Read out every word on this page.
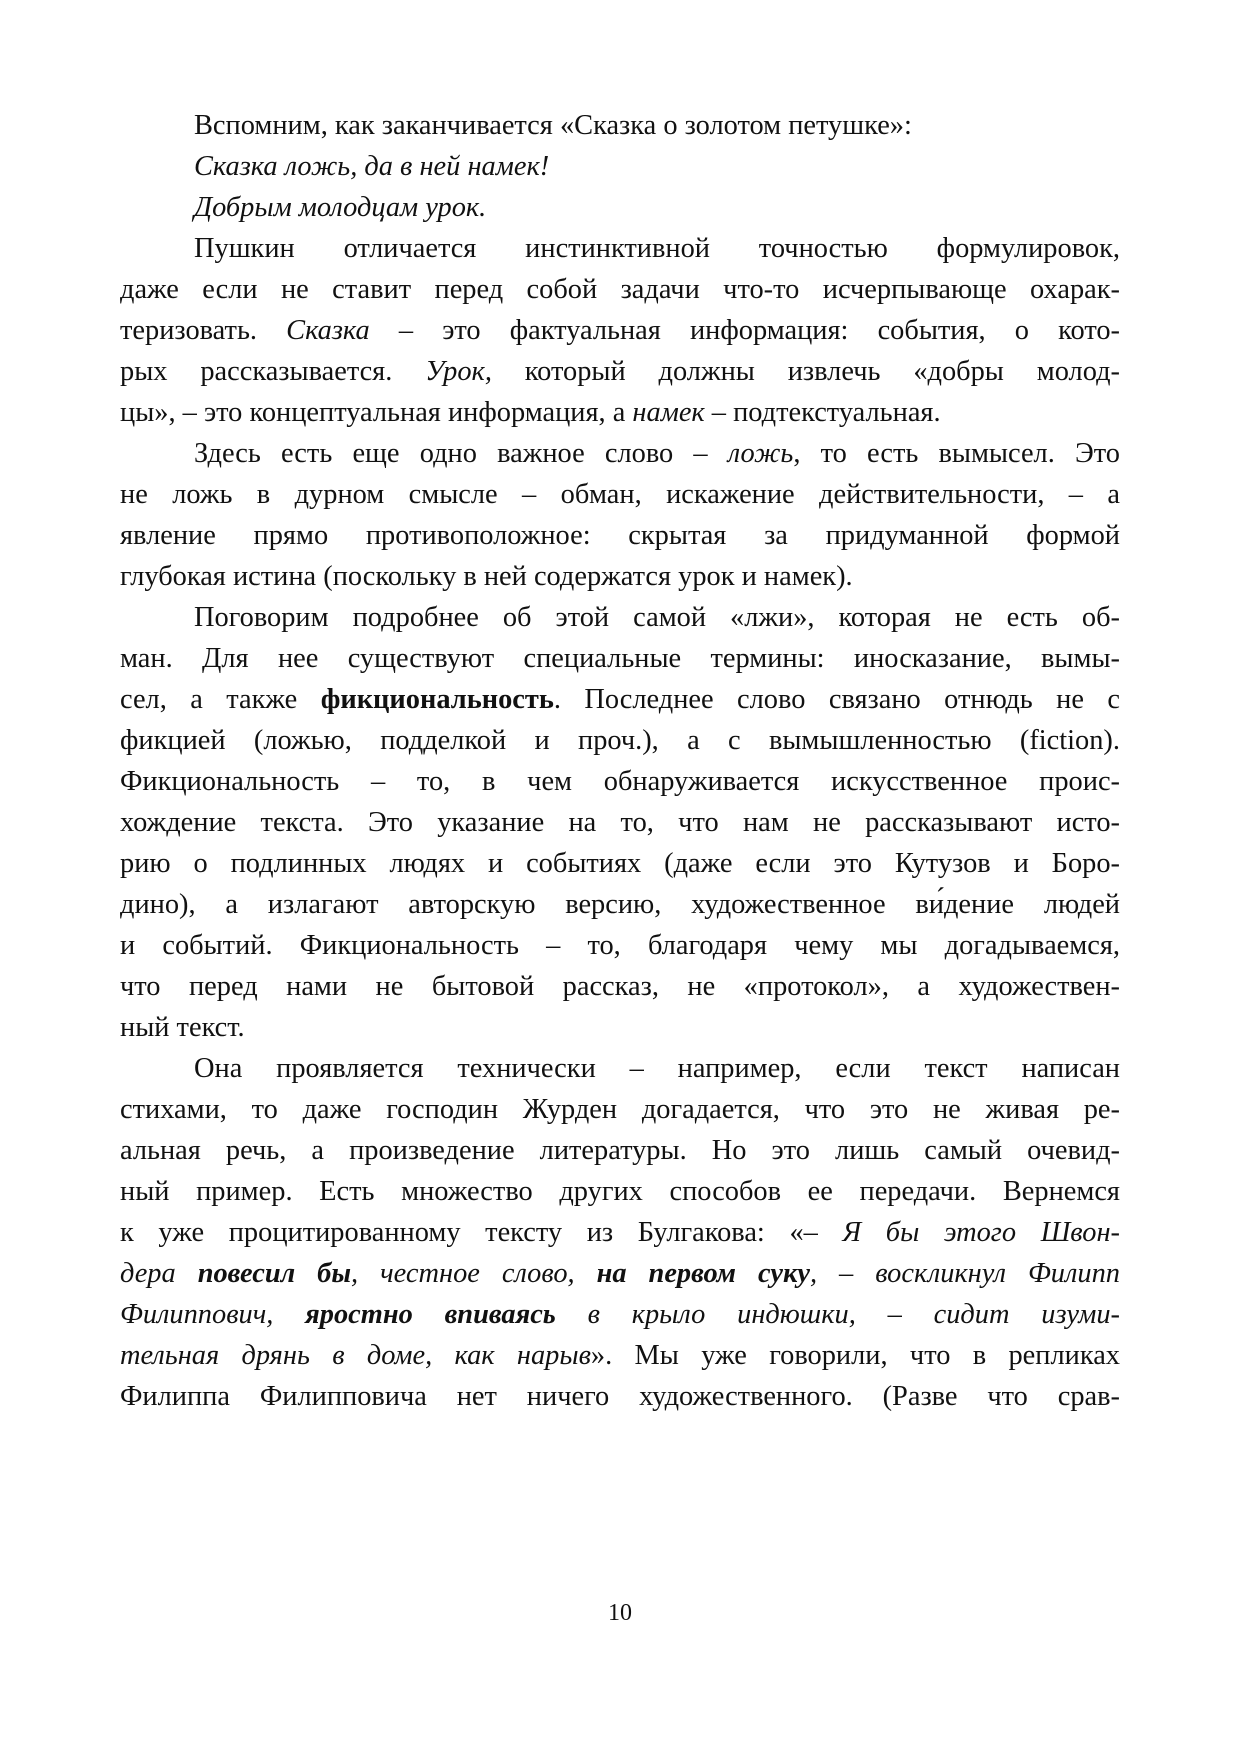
Вспомним, как заканчивается «Сказка о золотом петушке»:
Сказка ложь, да в ней намек!
Добрым молодцам урок.
Пушкин отличается инстинктивной точностью формулировок,
даже если не ставит перед собой задачи что-то исчерпывающе охарак-
теризовать. Сказка – это фактуальная информация: события, о кото-
рых рассказывается. Урок, который должны извлечь «добры молод-
цы», – это концептуальная информация, а намек – подтекстуальная.
Здесь есть еще одно важное слово – ложь, то есть вымысел. Это
не ложь в дурном смысле – обман, искажение действительности, – а
явление прямо противоположное: скрытая за придуманной формой
глубокая истина (поскольку в ней содержатся урок и намек).
Поговорим подробнее об этой самой «лжи», которая не есть об-
ман. Для нее существуют специальные термины: иносказание, вымы-
сел, а также фикциональность. Последнее слово связано отнюдь не с
фикцией (ложью, подделкой и проч.), а с вымышленностью (fiction).
Фикциональность – то, в чем обнаруживается искусственное проис-
хождение текста. Это указание на то, что нам не рассказывают исто-
рию о подлинных людях и событиях (даже если это Кутузов и Боро-
дино), а излагают авторскую версию, художественное ви́дение людей
и событий. Фикциональность – то, благодаря чему мы догадываемся,
что перед нами не бытовой рассказ, не «протокол», а художествен-
ный текст.
Она проявляется технически – например, если текст написан
стихами, то даже господин Журден догадается, что это не живая ре-
альная речь, а произведение литературы. Но это лишь самый очевид-
ный пример. Есть множество других способов ее передачи. Вернемся
к уже процитированному тексту из Булгакова: «– Я бы этого Швон-
дера повесил бы, честное слово, на первом суку, – воскликнул Филипп
Филиппович, яростно впиваясь в крыло индюшки, – сидит изуми-
тельная дрянь в доме, как нарыв». Мы уже говорили, что в репликах
Филиппа Филипповича нет ничего художественного. (Разве что срав-
10
